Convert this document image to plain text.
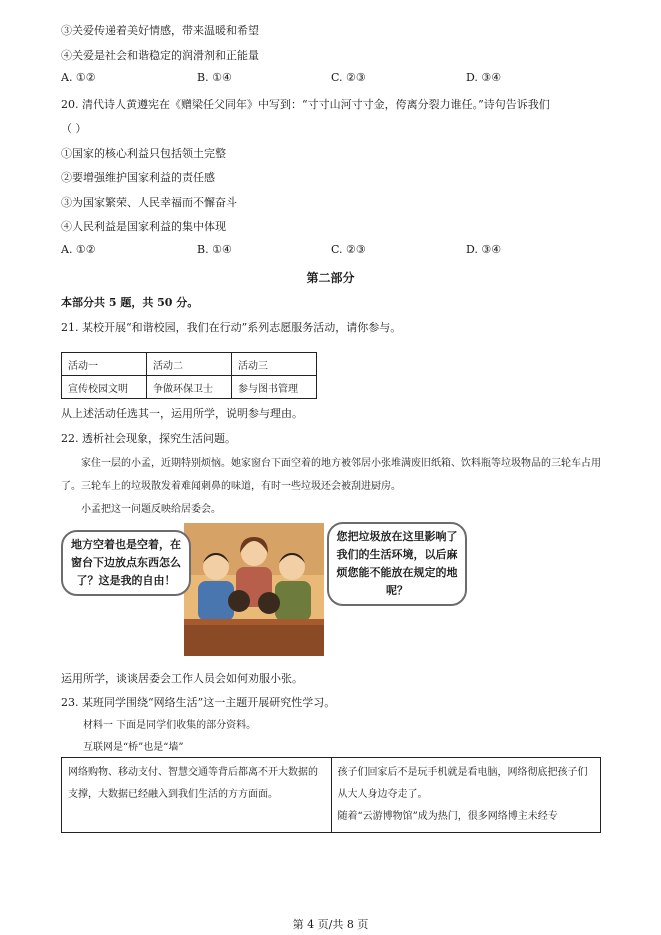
③关爱传递着美好情感，带来温暖和希望
④关爱是社会和谐稳定的润滑剂和正能量
A. ①②	B. ①④	C. ②③	D. ③④
20. 清代诗人黄遵宪在《赠梁任父同年》中写到：“寸寸山河寸寸金，侉离分裂力谁任。”诗句告诉我们
（ ）
①国家的核心利益只包括领土完整
②要增强维护国家利益的责任感
③为国家繁荣、人民幸福而不懈奋斗
④人民利益是国家利益的集中体现
A. ①②	B. ①④	C. ②③	D. ③④
第二部分
本部分共 5 题，共 50 分。
21. 某校开展“和谐校园，我们在行动”系列志愿服务活动，请你参与。
活动一	活动二	活动三
宣传校园文明	争做环保卫士	参与图书管理
从上述活动任选其一，运用所学，说明参与理由。
22. 透析社会现象，探究生活问题。
家住一层的小孟，近期特别烦恼。她家窗台下面空着的地方被邻居小张堆满废旧纸箱、饮料瓶等垃圾物品的三轮车占用了。三轮车上的垃圾散发着难闻刺鼻的味道，有时一些垃圾还会被刮进厨房。
小孟把这一问题反映给居委会。
地方空着也是空着，在窗台下边放点东西怎么了？这是我的自由！
您把垃圾放在这里影响了我们的生活环境，以后麻烦您能不能放在规定的地呢？
运用所学，谈谈居委会工作人员会如何劝服小张。
23. 某班同学围绕“网络生活”这一主题开展研究性学习。
材料一 下面是同学们收集的部分资料。
互联网是“桥”也是“墙”
网络购物、移动支付、智慧交通等背后都离不开大数据的支撑，大数据已经融入到我们生活的方方面面。	
孩子们回家后不是玩手机就是看电脑，网络彻底把孩子们从大人身边夺走了。
随着“云游博物馆”成为热门，很多网络博主未经专
第 4 页/共 8 页
